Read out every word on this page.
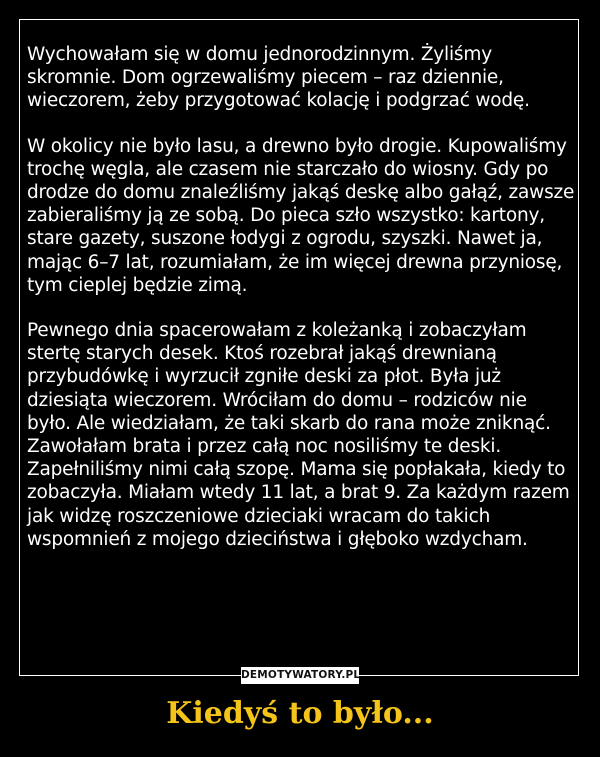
Wychowałam się w domu jednorodzinnym. Żyliśmy skromnie. Dom ogrzewaliśmy piecem – raz dziennie, wieczorem, żeby przygotować kolację i podgrzać wodę.

W okolicy nie było lasu, a drewno było drogie. Kupowaliśmy trochę węgla, ale czasem nie starczało do wiosny. Gdy po drodze do domu znaleźliśmy jakąś deskę albo gałąź, zawsze zabieraliśmy ją ze sobą. Do pieca szło wszystko: kartony, stare gazety, suszone łodygi z ogrodu, szyszki. Nawet ja, mając 6–7 lat, rozumiałam, że im więcej drewna przyniosę, tym cieplej będzie zimą.

Pewnego dnia spacerowałam z koleżanką i zobaczyłam stertę starych desek. Ktoś rozebrał jakąś drewnianą przybudówkę i wyrzucił zgniłe deski za płot. Była już dziesiąta wieczorem. Wróciłam do domu – rodziców nie było. Ale wiedziałam, że taki skarb do rana może zniknąć. Zawołałam brata i przez całą noc nosiliśmy te deski. Zapełniliśmy nimi całą szopę. Mama się popłakała, kiedy to zobaczyła. Miałam wtedy 11 lat, a brat 9. Za każdym razem jak widzę roszczeniowe dzieciaki wracam do takich wspomnień z mojego dzieciństwa i głęboko wzdycham.

DEMOTYWATORY.PL
Kiedyś to było...
